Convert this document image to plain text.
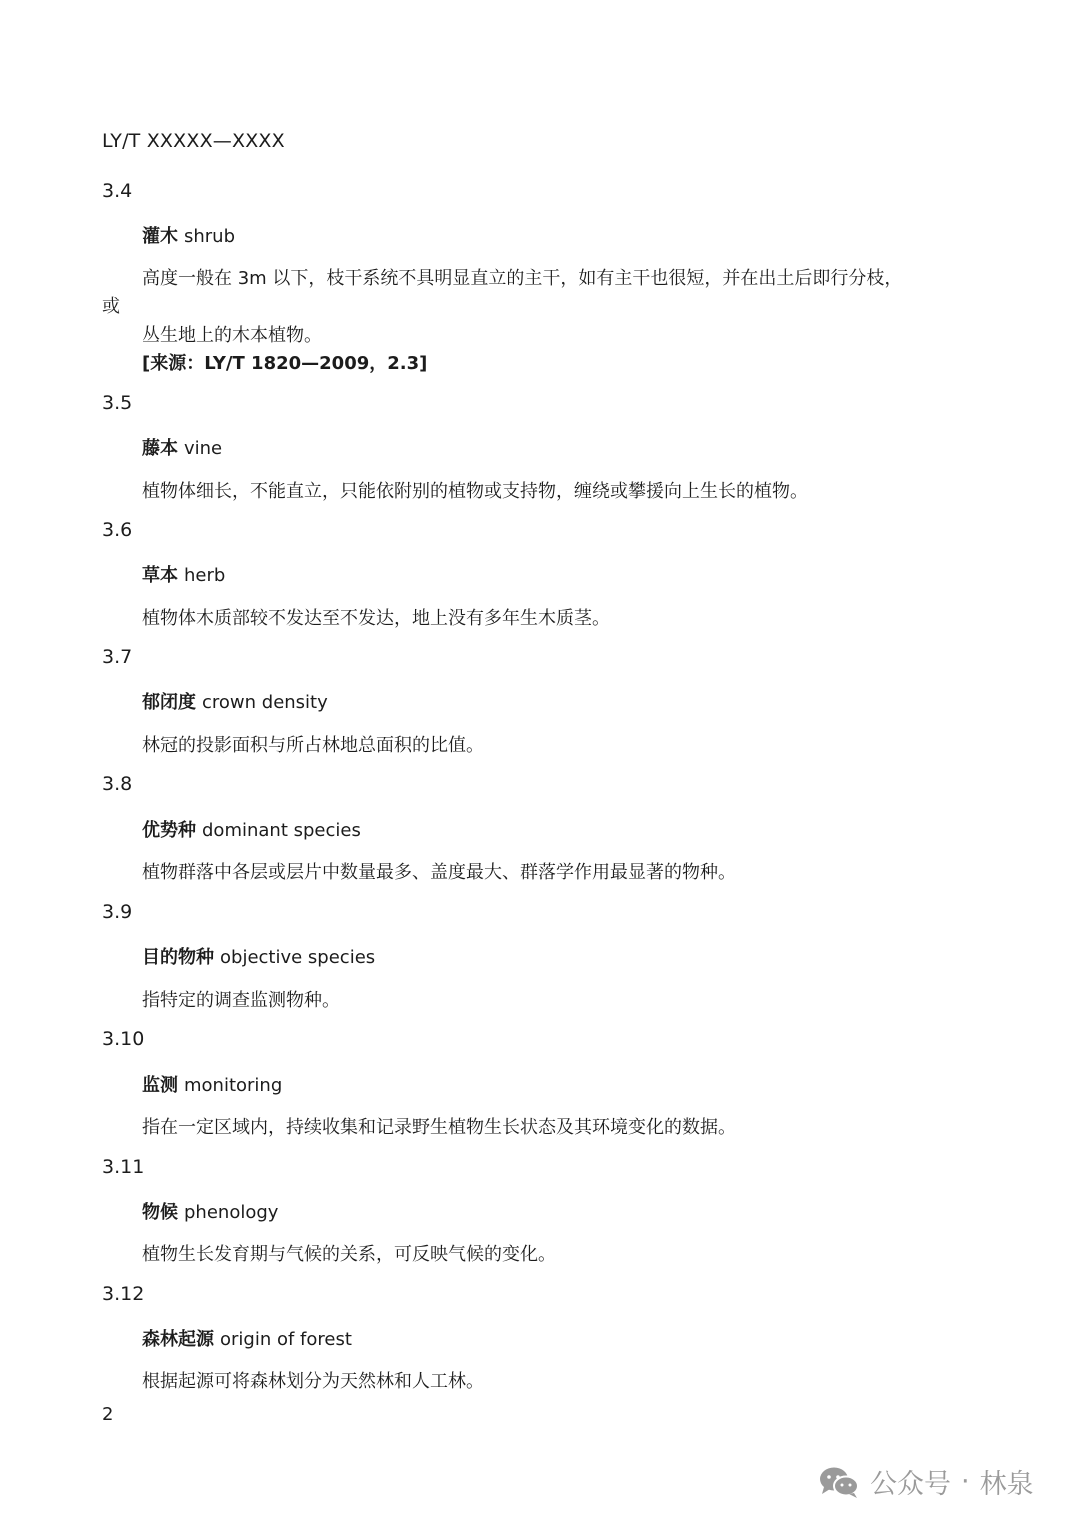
LY/T XXXXX—XXXX
3.4
灌木 shrub
高度一般在 3m 以下，枝干系统不具明显直立的主干，如有主干也很短，并在出土后即行分枝，
或
丛生地上的木本植物。
[来源：LY/T 1820—2009，2.3]
3.5
藤本 vine
植物体细长，不能直立，只能依附别的植物或支持物，缠绕或攀援向上生长的植物。
3.6
草本 herb
植物体木质部较不发达至不发达，地上没有多年生木质茎。
3.7
郁闭度 crown density
林冠的投影面积与所占林地总面积的比值。
3.8
优势种 dominant species
植物群落中各层或层片中数量最多、盖度最大、群落学作用最显著的物种。
3.9
目的物种 objective species
指特定的调查监测物种。
3.10
监测 monitoring
指在一定区域内，持续收集和记录野生植物生长状态及其环境变化的数据。
3.11
物候 phenology
植物生长发育期与气候的关系，可反映气候的变化。
3.12
森林起源 origin of forest
根据起源可将森林划分为天然林和人工林。
2
公众号 · 林泉
